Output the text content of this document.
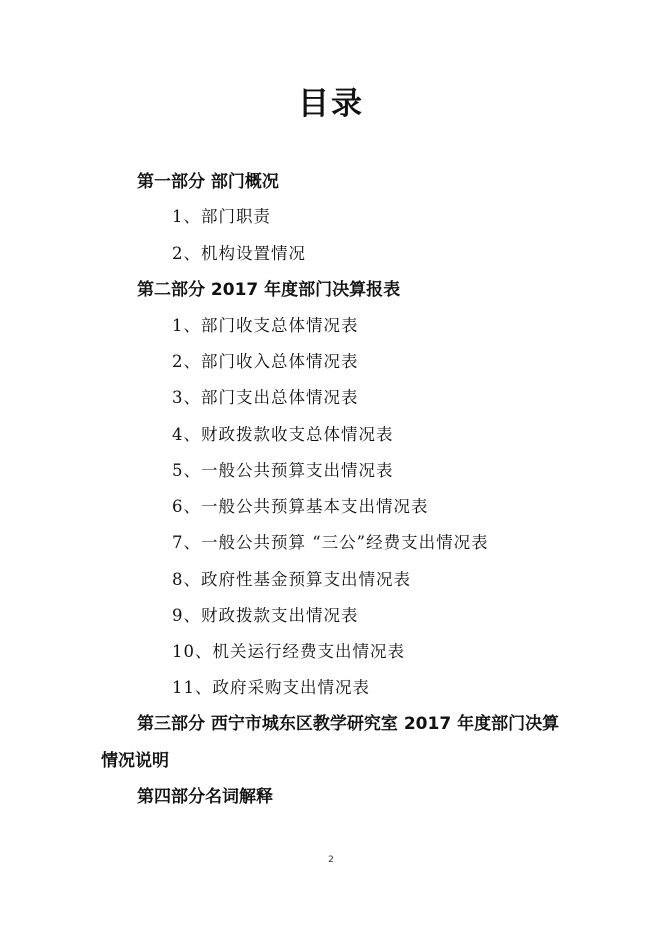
目录
第一部分 部门概况
1、部门职责
2、机构设置情况
第二部分 2017 年度部门决算报表
1、部门收支总体情况表
2、部门收入总体情况表
3、部门支出总体情况表
4、财政拨款收支总体情况表
5、一般公共预算支出情况表
6、一般公共预算基本支出情况表
7、一般公共预算 “三公”经费支出情况表
8、政府性基金预算支出情况表
9、财政拨款支出情况表
10、机关运行经费支出情况表
11、政府采购支出情况表
第三部分 西宁市城东区教学研究室 2017 年度部门决算
情况说明
第四部分名词解释
2
